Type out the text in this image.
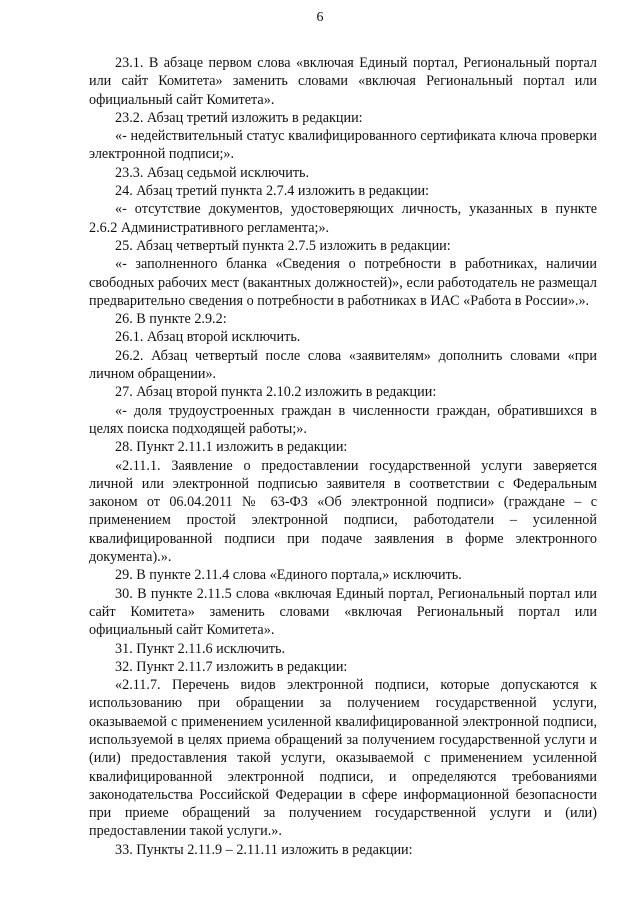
6

23.1. В абзаце первом слова «включая Единый портал, Региональный портал или сайт Комитета» заменить словами «включая Региональный портал или официальный сайт Комитета».

23.2. Абзац третий изложить в редакции:

«- недействительный статус квалифицированного сертификата ключа проверки электронной подписи;».

23.3. Абзац седьмой исключить.

24. Абзац третий пункта 2.7.4 изложить в редакции:

«- отсутствие документов, удостоверяющих личность, указанных в пункте 2.6.2 Административного регламента;».

25. Абзац четвертый пункта 2.7.5 изложить в редакции:

«- заполненного бланка «Сведения о потребности в работниках, наличии свободных рабочих мест (вакантных должностей)», если работодатель не размещал предварительно сведения о потребности в работниках в ИАС «Работа в России».».

26. В пункте 2.9.2:

26.1. Абзац второй исключить.

26.2. Абзац четвертый после слова «заявителям» дополнить словами «при личном обращении».

27. Абзац второй пункта 2.10.2 изложить в редакции:

«- доля трудоустроенных граждан в численности граждан, обратившихся в целях поиска подходящей работы;».

28. Пункт 2.11.1 изложить в редакции:

«2.11.1. Заявление о предоставлении государственной услуги заверяется личной или электронной подписью заявителя в соответствии с Федеральным законом от 06.04.2011 № 63-ФЗ «Об электронной подписи» (граждане – с применением простой электронной подписи, работодатели – усиленной квалифицированной подписи при подаче заявления в форме электронного документа).».

29. В пункте 2.11.4 слова «Единого портала,» исключить.

30. В пункте 2.11.5 слова «включая Единый портал, Региональный портал или сайт Комитета» заменить словами «включая Региональный портал или официальный сайт Комитета».

31. Пункт 2.11.6 исключить.

32. Пункт 2.11.7 изложить в редакции:

«2.11.7. Перечень видов электронной подписи, которые допускаются к использованию при обращении за получением государственной услуги, оказываемой с применением усиленной квалифицированной электронной подписи, используемой в целях приема обращений за получением государственной услуги и (или) предоставления такой услуги, оказываемой с применением усиленной квалифицированной электронной подписи, и определяются требованиями законодательства Российской Федерации в сфере информационной безопасности при приеме обращений за получением государственной услуги и (или) предоставлении такой услуги.».

33. Пункты 2.11.9 – 2.11.11 изложить в редакции:
